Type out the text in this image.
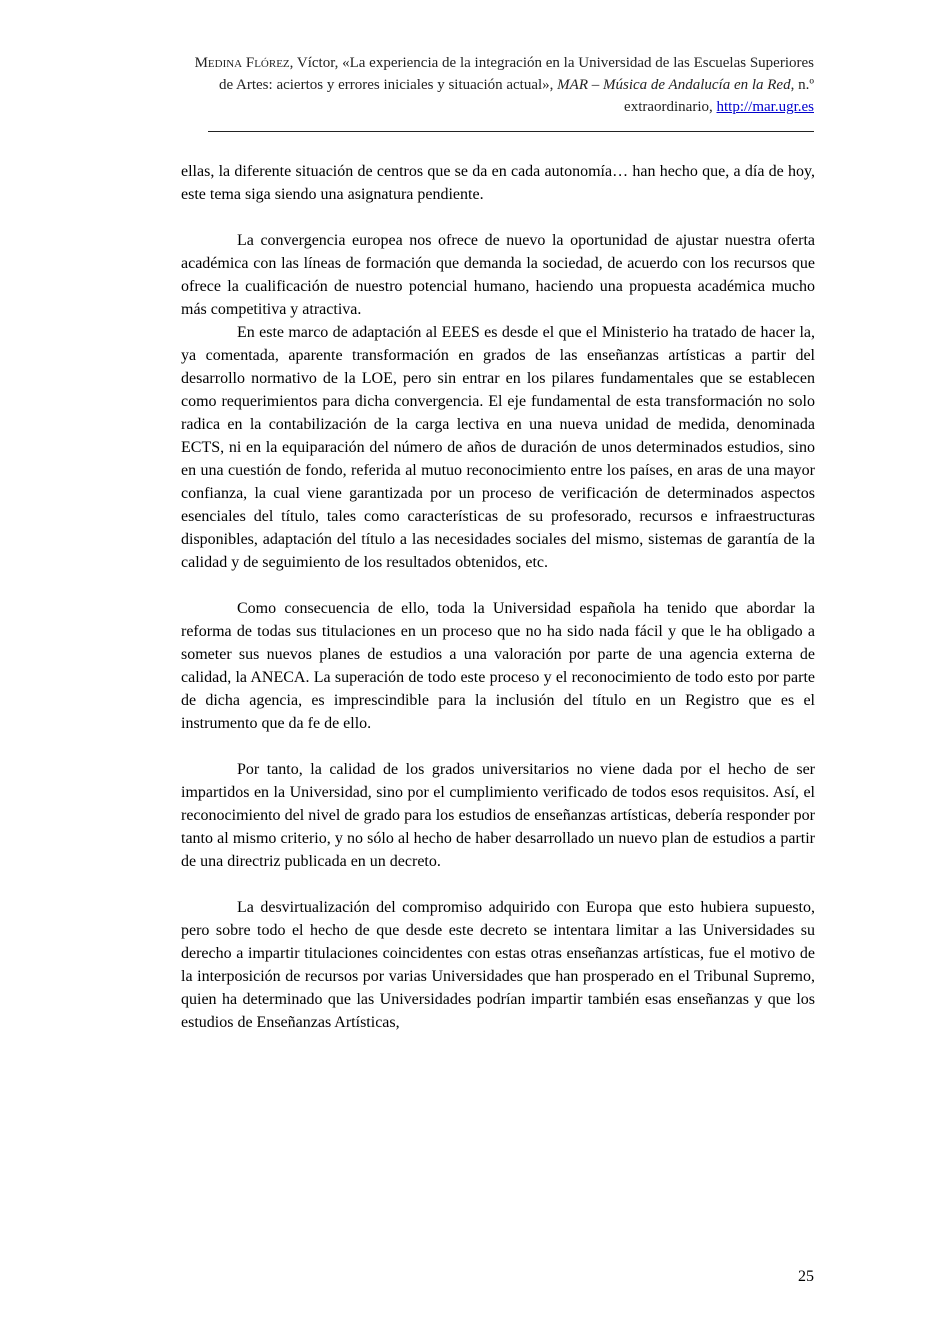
Medina Flórez, Víctor, «La experiencia de la integración en la Universidad de las Escuelas Superiores de Artes: aciertos y errores iniciales y situación actual», MAR – Música de Andalucía en la Red, n.º extraordinario, http://mar.ugr.es

ellas, la diferente situación de centros que se da en cada autonomía… han hecho que, a día de hoy, este tema siga siendo una asignatura pendiente.

La convergencia europea nos ofrece de nuevo la oportunidad de ajustar nuestra oferta académica con las líneas de formación que demanda la sociedad, de acuerdo con los recursos que ofrece la cualificación de nuestro potencial humano, haciendo una propuesta académica mucho más competitiva y atractiva.

En este marco de adaptación al EEES es desde el que el Ministerio ha tratado de hacer la, ya comentada, aparente transformación en grados de las enseñanzas artísticas a partir del desarrollo normativo de la LOE, pero sin entrar en los pilares fundamentales que se establecen como requerimientos para dicha convergencia. El eje fundamental de esta transformación no solo radica en la contabilización de la carga lectiva en una nueva unidad de medida, denominada ECTS, ni en la equiparación del número de años de duración de unos determinados estudios, sino en una cuestión de fondo, referida al mutuo reconocimiento entre los países, en aras de una mayor confianza, la cual viene garantizada por un proceso de verificación de determinados aspectos esenciales del título, tales como características de su profesorado, recursos e infraestructuras disponibles, adaptación del título a las necesidades sociales del mismo, sistemas de garantía de la calidad y de seguimiento de los resultados obtenidos, etc.

Como consecuencia de ello, toda la Universidad española ha tenido que abordar la reforma de todas sus titulaciones en un proceso que no ha sido nada fácil y que le ha obligado a someter sus nuevos planes de estudios a una valoración por parte de una agencia externa de calidad, la ANECA. La superación de todo este proceso y el reconocimiento de todo esto por parte de dicha agencia, es imprescindible para la inclusión del título en un Registro que es el instrumento que da fe de ello.

Por tanto, la calidad de los grados universitarios no viene dada por el hecho de ser impartidos en la Universidad, sino por el cumplimiento verificado de todos esos requisitos. Así, el reconocimiento del nivel de grado para los estudios de enseñanzas artísticas, debería responder por tanto al mismo criterio, y no sólo al hecho de haber desarrollado un nuevo plan de estudios a partir de una directriz publicada en un decreto.

La desvirtualización del compromiso adquirido con Europa que esto hubiera supuesto, pero sobre todo el hecho de que desde este decreto se intentara limitar a las Universidades su derecho a impartir titulaciones coincidentes con estas otras enseñanzas artísticas, fue el motivo de la interposición de recursos por varias Universidades que han prosperado en el Tribunal Supremo, quien ha determinado que las Universidades podrían impartir también esas enseñanzas y que los estudios de Enseñanzas Artísticas,

25
